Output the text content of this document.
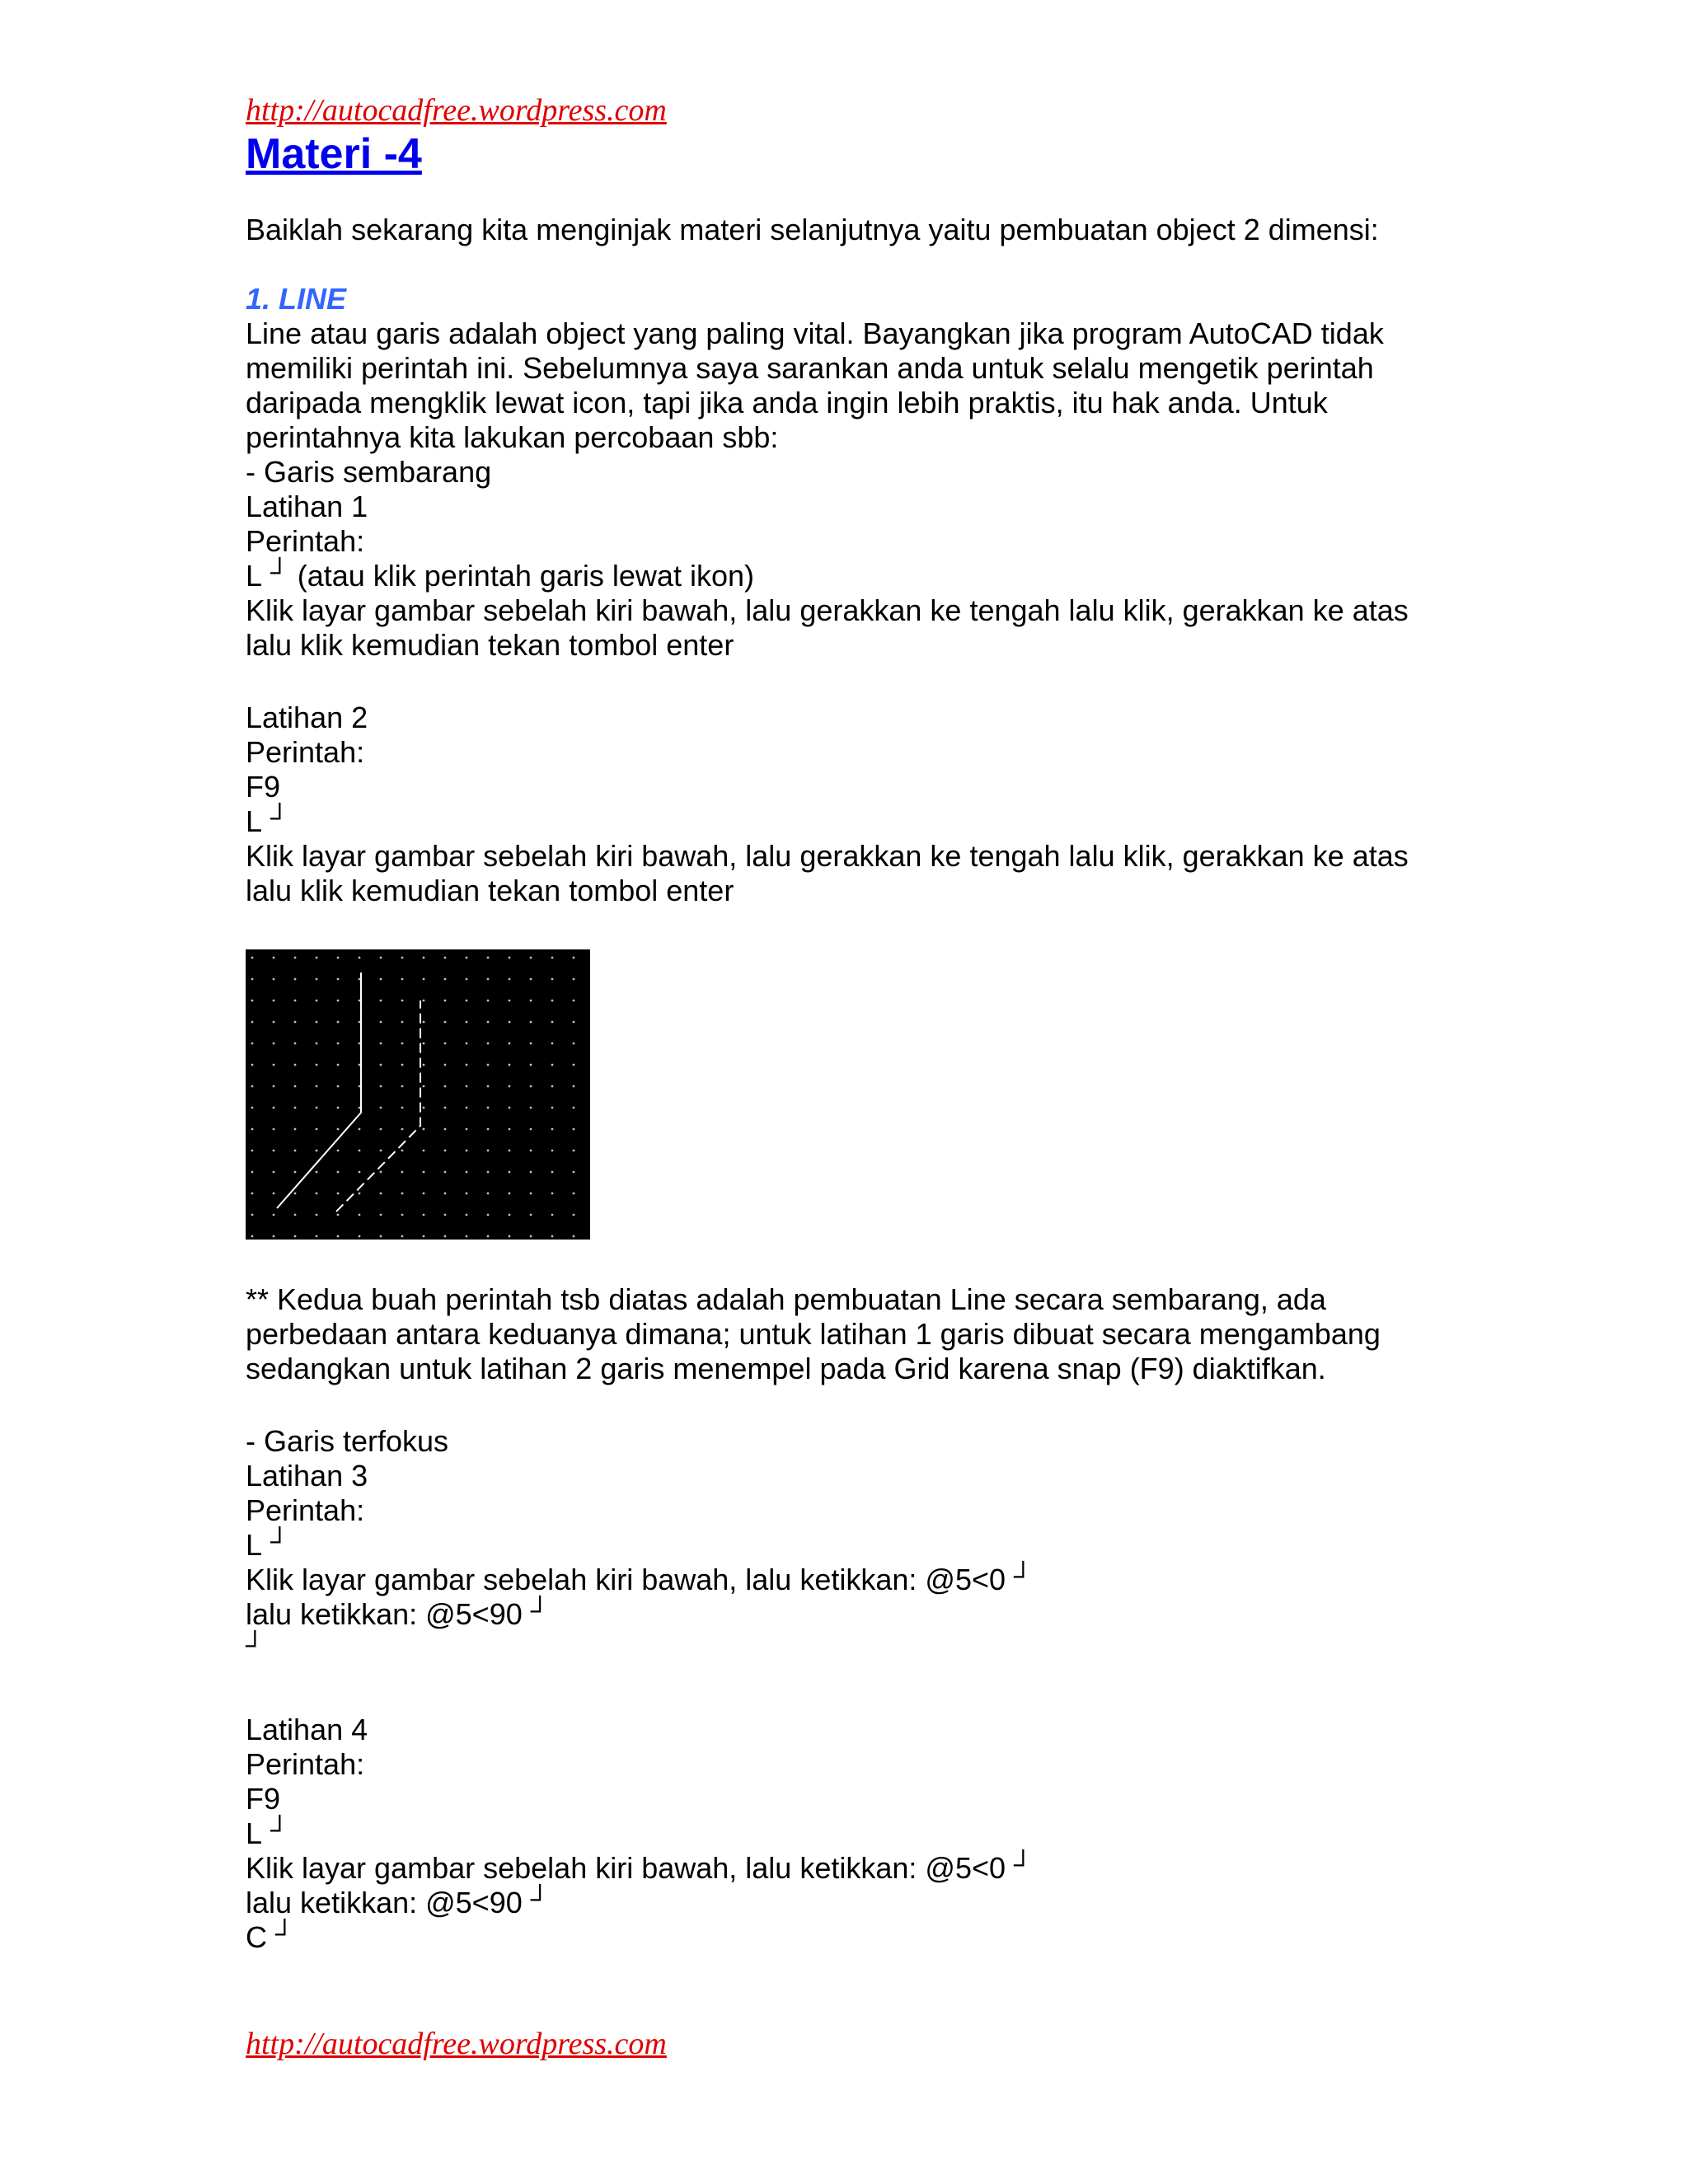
http://autocadfree.wordpress.com
Materi -4
Baiklah sekarang kita menginjak materi selanjutnya yaitu pembuatan object 2 dimensi:
1. LINE
Line atau garis adalah object yang paling vital. Bayangkan jika program AutoCAD tidak
memiliki perintah ini. Sebelumnya saya sarankan anda untuk selalu mengetik perintah
daripada mengklik lewat icon, tapi jika anda ingin lebih praktis, itu hak anda. Untuk
perintahnya kita lakukan percobaan sbb:
- Garis sembarang
Latihan 1
Perintah:
L ┘ (atau klik perintah garis lewat ikon)
Klik layar gambar sebelah kiri bawah, lalu gerakkan ke tengah lalu klik, gerakkan ke atas
lalu klik kemudian tekan tombol enter
Latihan 2
Perintah:
F9
L ┘
Klik layar gambar sebelah kiri bawah, lalu gerakkan ke tengah lalu klik, gerakkan ke atas
lalu klik kemudian tekan tombol enter
** Kedua buah perintah tsb diatas adalah pembuatan Line secara sembarang, ada
perbedaan antara keduanya dimana; untuk latihan 1 garis dibuat secara mengambang
sedangkan untuk latihan 2 garis menempel pada Grid karena snap (F9) diaktifkan.
- Garis terfokus
Latihan 3
Perintah:
L ┘
Klik layar gambar sebelah kiri bawah, lalu ketikkan: @5<0 ┘
lalu ketikkan: @5<90 ┘
┘
Latihan 4
Perintah:
F9
L ┘
Klik layar gambar sebelah kiri bawah, lalu ketikkan: @5<0 ┘
lalu ketikkan: @5<90 ┘
C ┘
http://autocadfree.wordpress.com
